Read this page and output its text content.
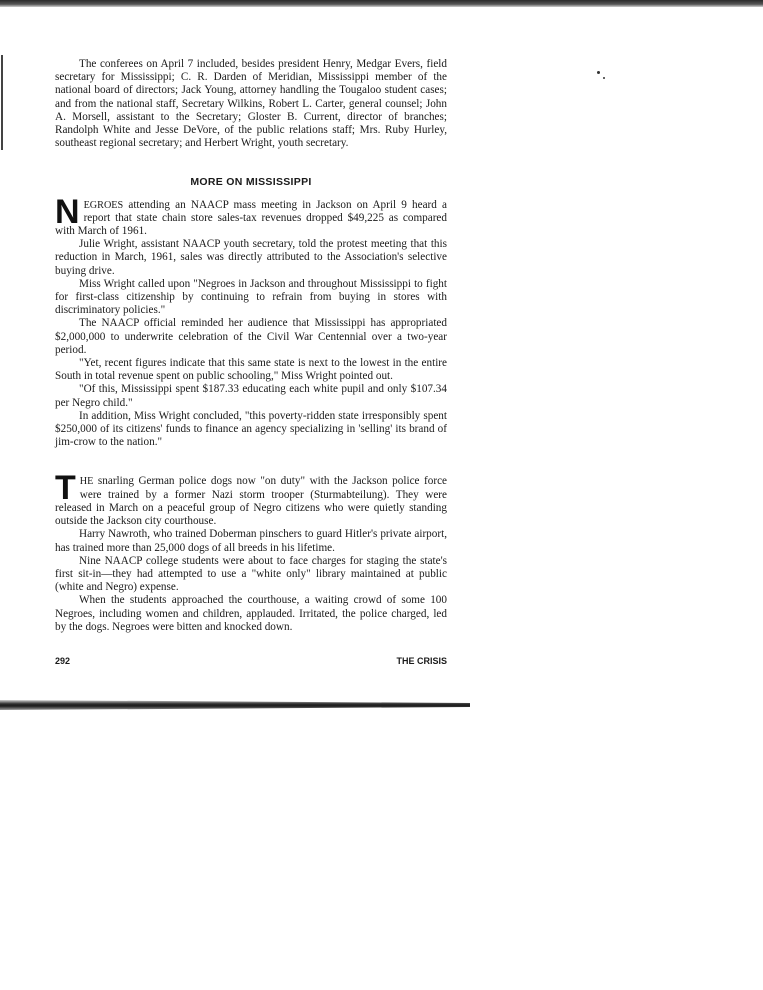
The conferees on April 7 included, besides president Henry, Medgar Evers, field secretary for Mississippi; C. R. Darden of Meridian, Mississippi member of the national board of directors; Jack Young, attorney handling the Tougaloo student cases; and from the national staff, Secretary Wilkins, Robert L. Carter, general counsel; John A. Morsell, assistant to the Secretary; Gloster B. Current, director of branches; Randolph White and Jesse DeVore, of the public relations staff; Mrs. Ruby Hurley, southeast regional secretary; and Herbert Wright, youth secretary.

MORE ON MISSISSIPPI

NEGROES attending an NAACP mass meeting in Jackson on April 9 heard a report that state chain store sales-tax revenues dropped $49,225 as compared with March of 1961.

Julie Wright, assistant NAACP youth secretary, told the protest meeting that this reduction in March, 1961, sales was directly attributed to the Association's selective buying drive.

Miss Wright called upon "Negroes in Jackson and throughout Mississippi to fight for first-class citizenship by continuing to refrain from buying in stores with discriminatory policies."

The NAACP official reminded her audience that Mississippi has appropriated $2,000,000 to underwrite celebration of the Civil War Centennial over a two-year period.

"Yet, recent figures indicate that this same state is next to the lowest in the entire South in total revenue spent on public schooling," Miss Wright pointed out.

"Of this, Mississippi spent $187.33 educating each white pupil and only $107.34 per Negro child."

In addition, Miss Wright concluded, "this poverty-ridden state irresponsibly spent $250,000 of its citizens' funds to finance an agency specializing in 'selling' its brand of jim-crow to the nation."

THE snarling German police dogs now "on duty" with the Jackson police force were trained by a former Nazi storm trooper (Sturmabteilung). They were released in March on a peaceful group of Negro citizens who were quietly standing outside the Jackson city courthouse.

Harry Nawroth, who trained Doberman pinschers to guard Hitler's private airport, has trained more than 25,000 dogs of all breeds in his lifetime.

Nine NAACP college students were about to face charges for staging the state's first sit-in—they had attempted to use a "white only" library maintained at public (white and Negro) expense.

When the students approached the courthouse, a waiting crowd of some 100 Negroes, including women and children, applauded. Irritated, the police charged, led by the dogs. Negroes were bitten and knocked down.

292	THE CRISIS
